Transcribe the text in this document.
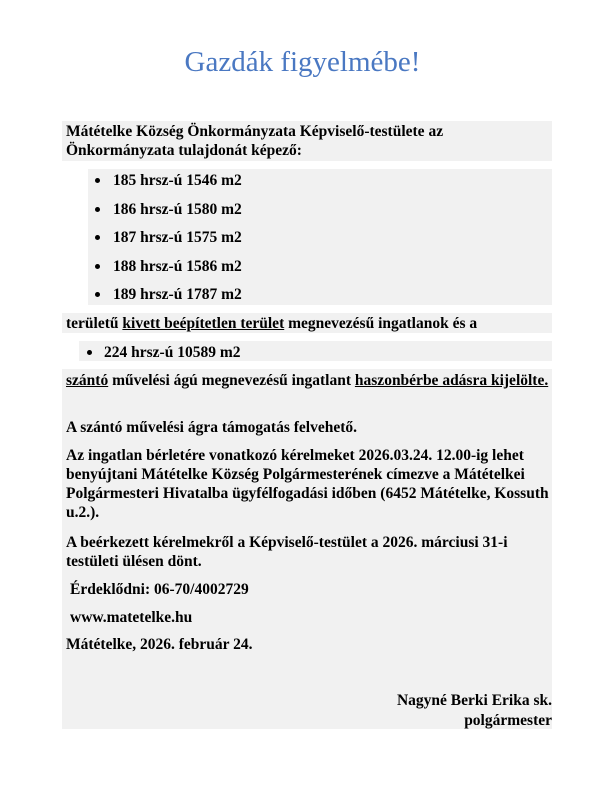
Gazdák figyelmébe!
Mátételke Község Önkormányzata Képviselő-testülete az Önkormányzata tulajdonát képező:
185 hrsz-ú 1546 m2
186 hrsz-ú 1580 m2
187 hrsz-ú 1575 m2
188 hrsz-ú 1586 m2
189 hrsz-ú 1787 m2
területű kivett beépítetlen terület megnevezésű ingatlanok és a
224 hrsz-ú 10589 m2
szántó művelési ágú megnevezésű ingatlant haszonbérbe adásra kijelölte.
A szántó művelési ágra támogatás felvehető.
Az ingatlan bérletére vonatkozó kérelmeket 2026.03.24. 12.00-ig lehet benyújtani Mátételke Község Polgármesterének címezve a Mátételkei Polgármesteri Hivatalba ügyfélfogadási időben (6452 Mátételke, Kossuth u.2.).
A beérkezett kérelmekről a Képviselő-testület a 2026. márciusi 31-i testületi ülésen dönt.
Érdeklődni: 06-70/4002729
www.matetelke.hu
Mátételke, 2026. február 24.
Nagyné Berki Erika sk.
polgármester
